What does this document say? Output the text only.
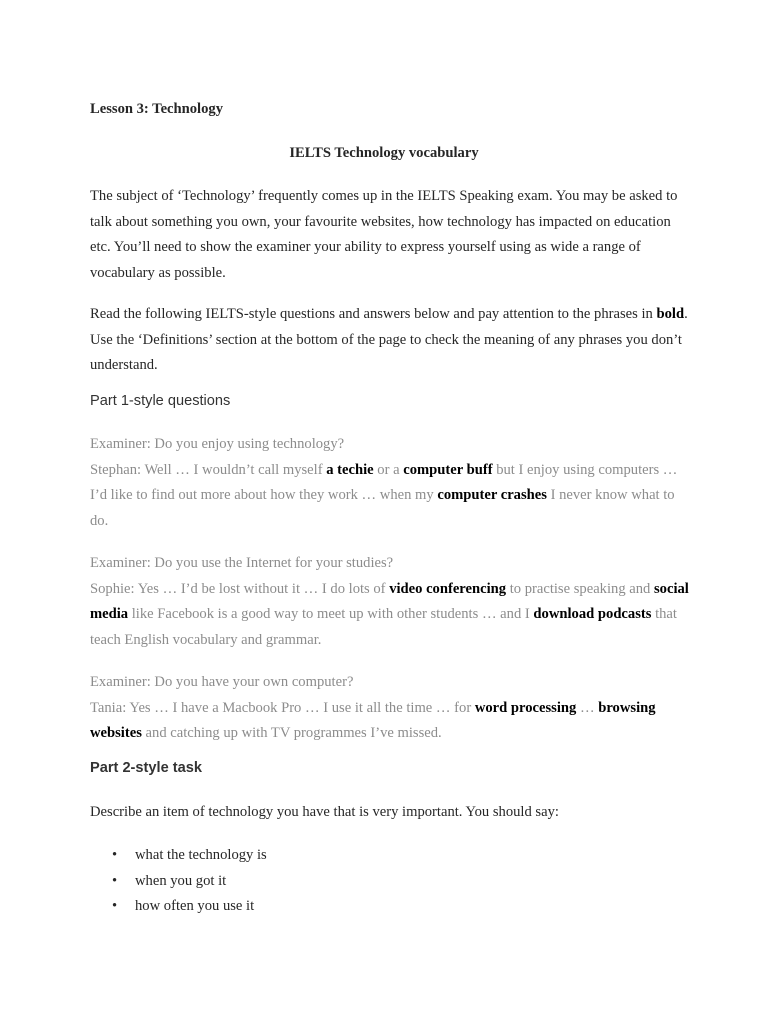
Lesson 3: Technology
IELTS Technology vocabulary
The subject of ‘Technology’ frequently comes up in the IELTS Speaking exam. You may be asked to talk about something you own, your favourite websites, how technology has impacted on education etc. You’ll need to show the examiner your ability to express yourself using as wide a range of vocabulary as possible.
Read the following IELTS-style questions and answers below and pay attention to the phrases in bold. Use the ‘Definitions’ section at the bottom of the page to check the meaning of any phrases you don’t understand.
Part 1-style questions
Examiner: Do you enjoy using technology?
Stephan: Well … I wouldn’t call myself a techie or a computer buff but I enjoy using computers … I’d like to find out more about how they work … when my computer crashes I never know what to do.
Examiner: Do you use the Internet for your studies?
Sophie: Yes … I’d be lost without it … I do lots of video conferencing to practise speaking and social media like Facebook is a good way to meet up with other students … and I download podcasts that teach English vocabulary and grammar.
Examiner: Do you have your own computer?
Tania: Yes … I have a Macbook Pro … I use it all the time … for word processing … browsing websites and catching up with TV programmes I’ve missed.
Part 2-style task
Describe an item of technology you have that is very important. You should say:
• what the technology is
• when you got it
• how often you use it
